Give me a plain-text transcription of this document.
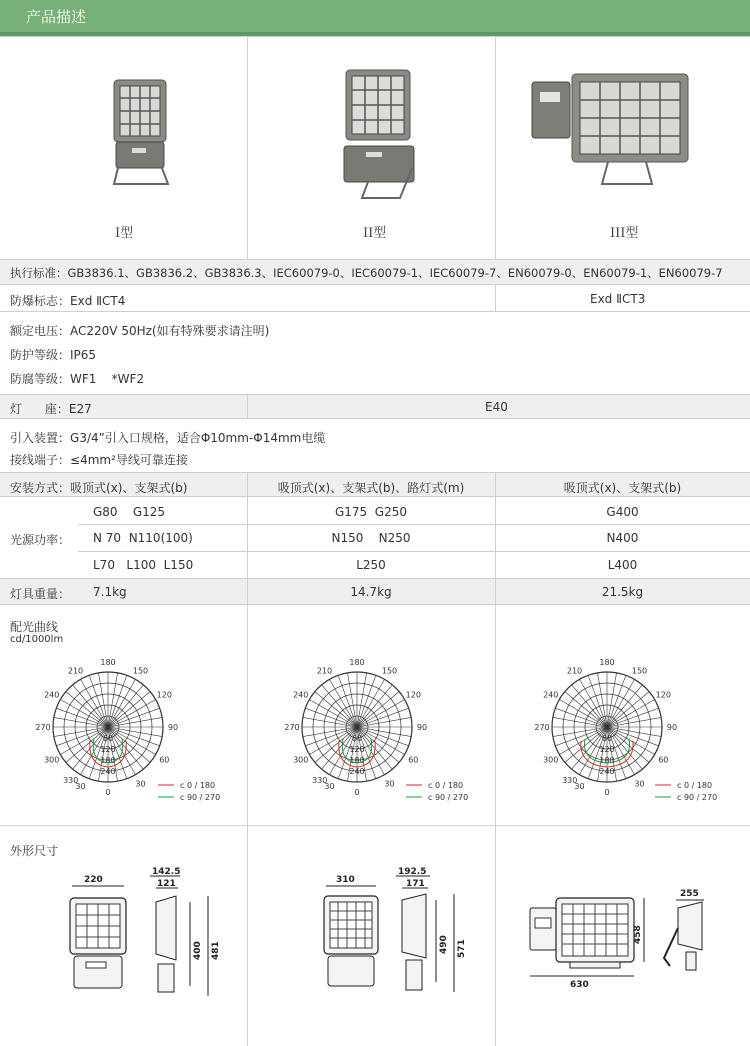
产品描述
I型	II型	III型
执行标准：GB3836.1、GB3836.2、GB3836.3、IEC60079-0、IEC60079-1、IEC60079-7、EN60079-0、EN60079-1、EN60079-7
防爆标志：Exd ⅡCT4	Exd ⅡCT3
额定电压：AC220V 50Hz(如有特殊要求请注明)
防护等级：IP65
防腐等级：WF1    *WF2
灯      座：E27	E40
引入装置：G3/4”引入口规格，适合Φ10mm-Φ14mm电缆
接线端子：≤4mm²导线可靠连接
安装方式：吸顶式(x)、支架式(b)	吸顶式(x)、支架式(b)、路灯式(m)	吸顶式(x)、支架式(b)
光源功率：
G80    G125	G175  G250	G400
N 70  N110(100)	N150    N250	N400
L70   L100  L150	L250	L400
灯具重量： 7.1kg	14.7kg	21.5kg
配光曲线
cd/1000lm
180
150
120
90
60
30
0
30
330
300
270
240
210
60
120
180
240
180
150
120
90
60
30
0
30
330
300
270
240
210
60
120
180
240
180
150
120
90
60
30
0
30
330
300
270
240
210
60
120
180
240
c 0 / 180
c 90 / 270
c 0 / 180
c 90 / 270
c 0 / 180
c 90 / 270
外形尺寸
220
142.5
121
400 481
310
192.5
171
490 571
630
458
255
